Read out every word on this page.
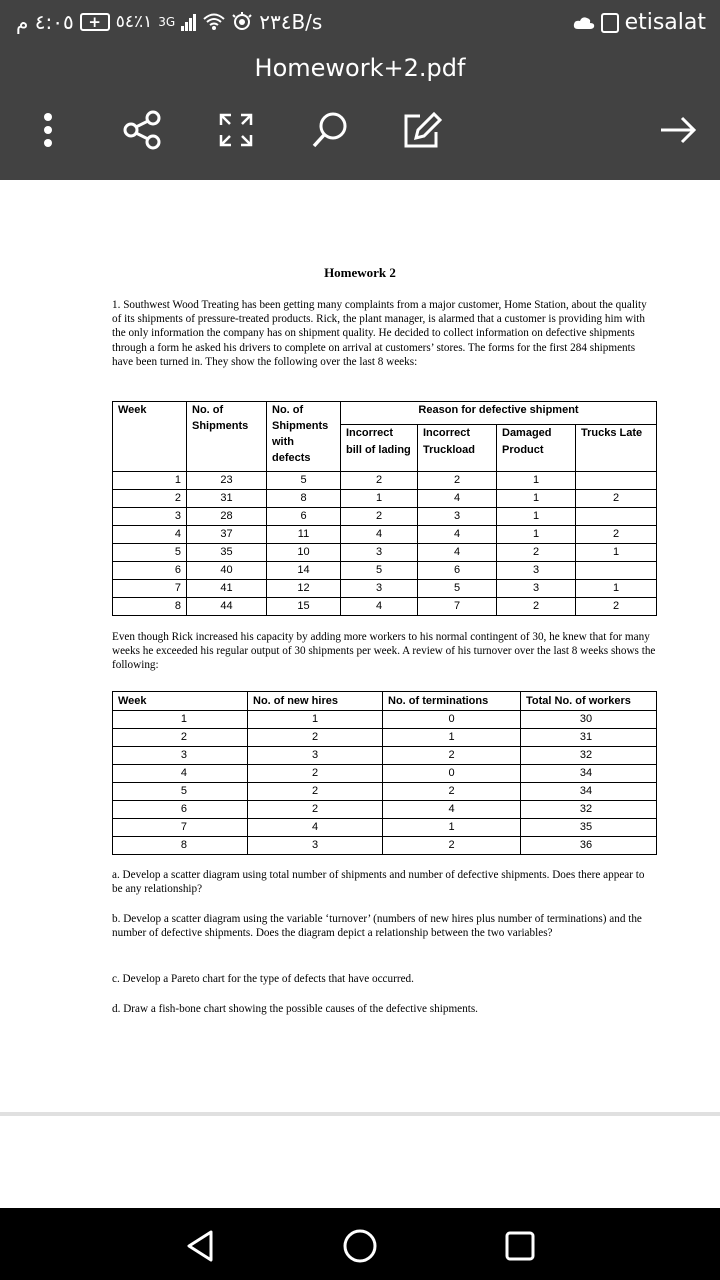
٤:٠٥ م + ١٪٥٤ 3G	٢٣٤B/s	etisalat
Homework+2.pdf
Homework 2
1. Southwest Wood Treating has been getting many complaints from a major customer, Home Station, about the quality of its shipments of pressure-treated products. Rick, the plant manager, is alarmed that a customer is providing him with the only information the company has on shipment quality. He decided to collect information on defective shipments through a form he asked his drivers to complete on arrival at customers’ stores. The forms for the first 284 shipments have been turned in. They show the following over the last 8 weeks:
Week	No. of Shipments	No. of Shipments with defects	Reason for defective shipment			
			Incorrect bill of lading	Incorrect Truckload	Damaged Product	Trucks Late
1	23	5	2	2	1	
2	31	8	1	4	1	2
3	28	6	2	3	1	
4	37	11	4	4	1	2
5	35	10	3	4	2	1
6	40	14	5	6	3	
7	41	12	3	5	3	1
8	44	15	4	7	2	2
Even though Rick increased his capacity by adding more workers to his normal contingent of 30, he knew that for many weeks he exceeded his regular output of 30 shipments per week. A review of his turnover over the last 8 weeks shows the following:
Week	No. of new hires	No. of terminations	Total No. of workers
1	1	0	30
2	2	1	31
3	3	2	32
4	2	0	34
5	2	2	34
6	2	4	32
7	4	1	35
8	3	2	36
a. Develop a scatter diagram using total number of shipments and number of defective shipments. Does there appear to be any relationship?
b. Develop a scatter diagram using the variable ‘turnover’ (numbers of new hires plus number of terminations) and the number of defective shipments. Does the diagram depict a relationship between the two variables?
c. Develop a Pareto chart for the type of defects that have occurred.
d. Draw a fish-bone chart showing the possible causes of the defective shipments.
